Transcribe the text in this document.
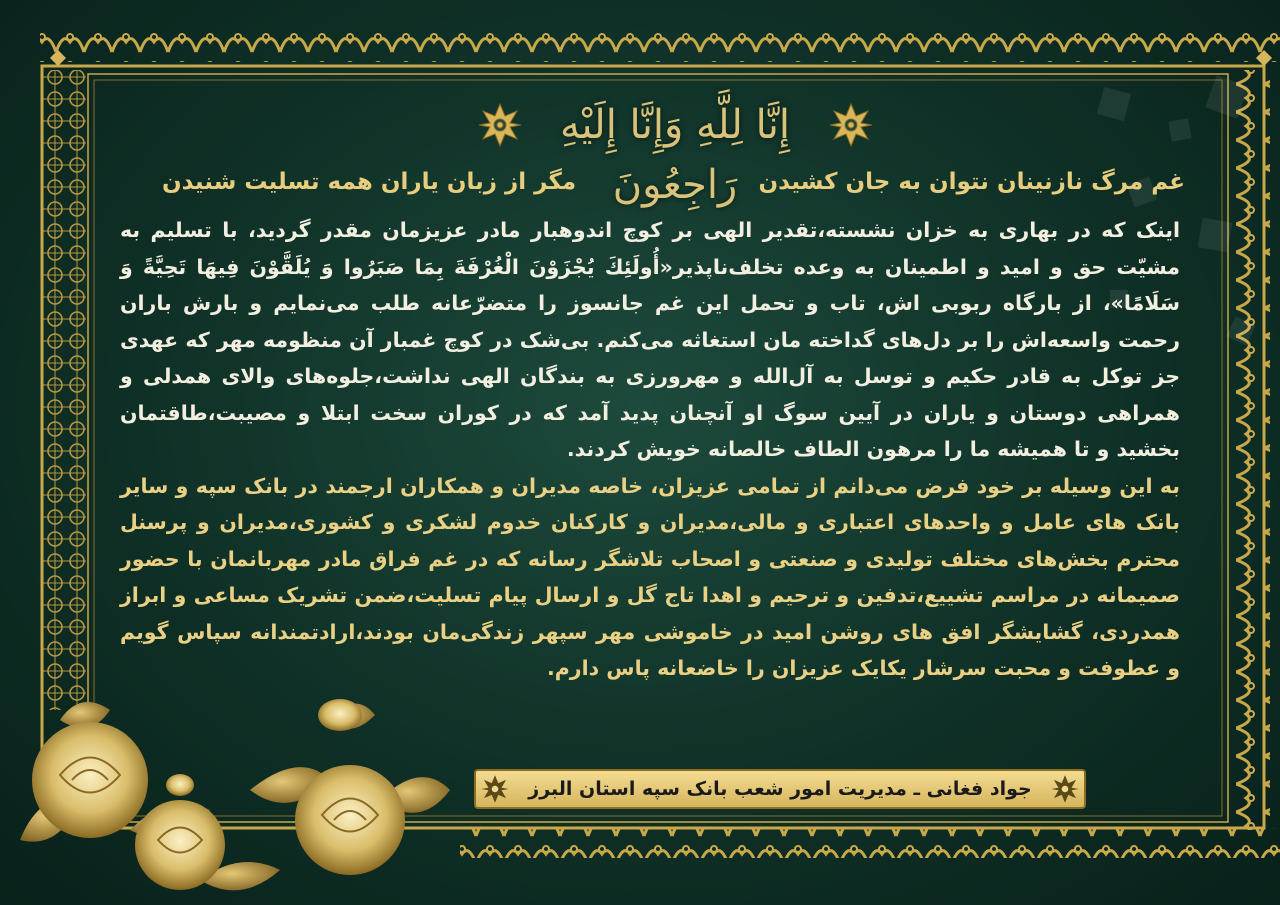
إِنَّا لِلَّهِ وَإِنَّا إِلَيْهِ رَاجِعُونَ غم مرگ نازنینان نتوان به جان کشیدن
مگر از زبان یاران همه تسلیت شنیدن

اینک که در بهاری به خزان نشسته،تقدیر الهی بر کوچ اندوهبار مادر عزیزمان مقدر گردید، با تسلیم به مشیّت حق و امید و اطمینان به وعده تخلف‌ناپذیر«أُولَئِكَ يُجْزَوْنَ الْغُرْفَةَ بِمَا صَبَرُوا وَ يُلَقَّوْنَ فِيهَا تَحِيَّةً وَ سَلَامًا»، از بارگاه ربوبی اش، تاب و تحمل این غم جانسوز را متضرّعانه طلب می‌نمایم و بارش باران رحمت واسعه‌اش را بر دل‌های گداخته مان استغاثه می‌کنم. بی‌شک در کوچ غمبار آن منظومه مهر که عهدی جز توکل به قادر حکیم و توسل به آل‌الله و مهرورزی به بندگان الهی نداشت،جلوه‌های والای همدلی و همراهی دوستان و یاران در آیین سوگ او آنچنان پدید آمد که در کوران سخت ابتلا و مصیبت،طاقتمان بخشید و تا همیشه ما را مرهون الطاف خالصانه خویش کردند.

به این وسیله بر خود فرض می‌دانم از تمامی عزیزان، خاصه مدیران و همکاران ارجمند در بانک سپه و سایر بانک های عامل و واحدهای اعتباری و مالی،مدیران و کارکنان خدوم لشکری و کشوری،مدیران و پرسنل محترم بخش‌های مختلف تولیدی و صنعتی و اصحاب تلاشگر رسانه که در غم فراق مادر مهربانمان با حضور صمیمانه در مراسم تشییع،تدفین و ترحیم و اهدا تاج گل و ارسال پیام تسلیت،ضمن تشریک مساعی و ابراز همدردی، گشایشگر افق های روشن امید در خاموشی مهر سپهر زندگی‌مان بودند،ارادتمندانه سپاس گویم و عطوفت و محبت سرشار یکایک عزیزان را خاضعانه پاس دارم.

جواد فغانی ـ مدیریت امور شعب بانک سپه استان البرز
